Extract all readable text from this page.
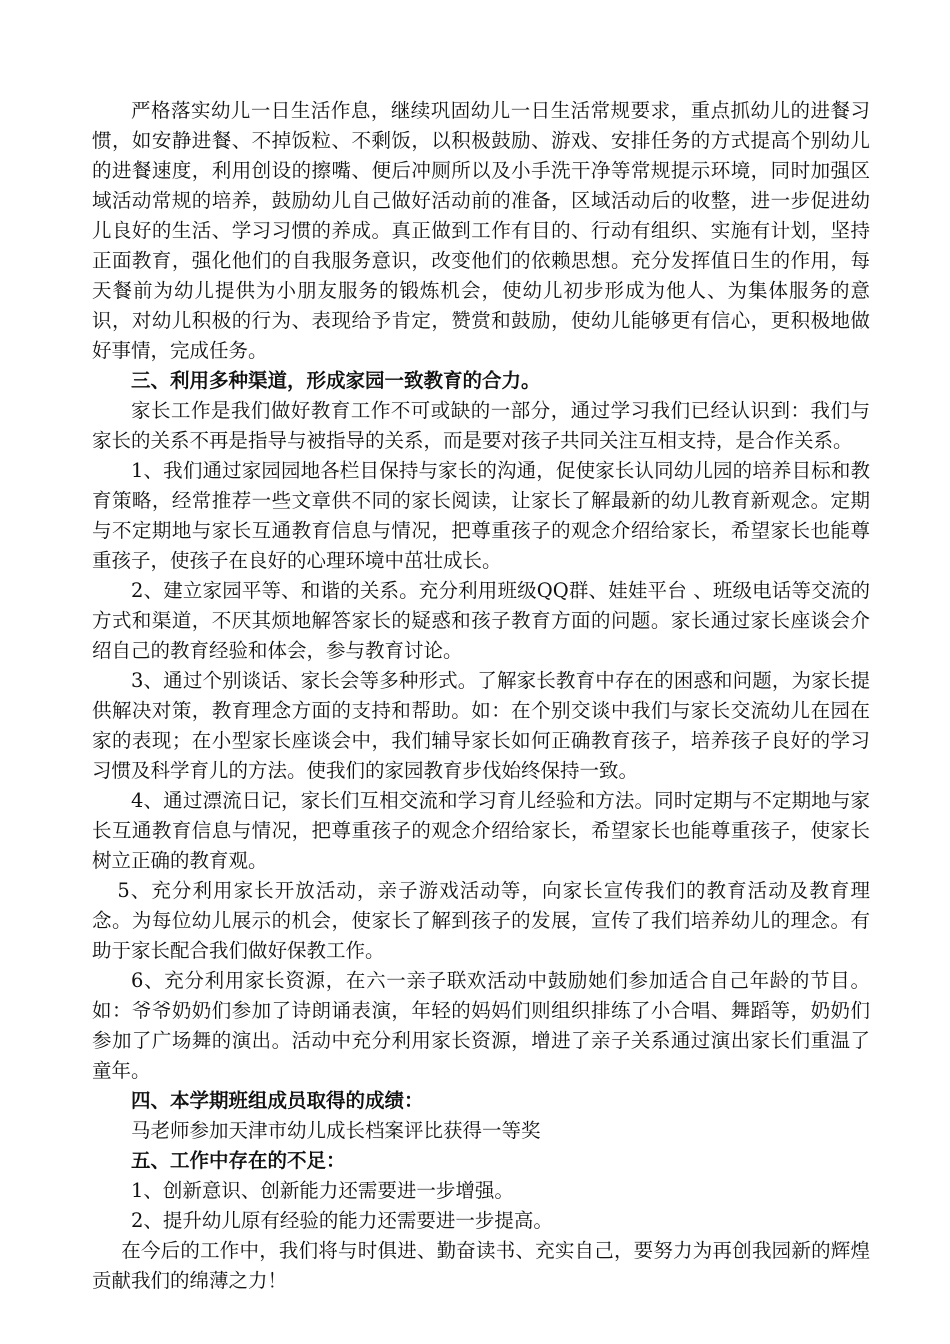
严格落实幼儿一日生活作息，继续巩固幼儿一日生活常规要求，重点抓幼儿的进餐习惯，如安静进餐、不掉饭粒、不剩饭，以积极鼓励、游戏、安排任务的方式提高个别幼儿的进餐速度，利用创设的擦嘴、便后冲厕所以及小手洗干净等常规提示环境，同时加强区域活动常规的培养，鼓励幼儿自己做好活动前的准备，区域活动后的收整，进一步促进幼儿良好的生活、学习习惯的养成。真正做到工作有目的、行动有组织、实施有计划，坚持正面教育，强化他们的自我服务意识，改变他们的依赖思想。充分发挥值日生的作用，每天餐前为幼儿提供为小朋友服务的锻炼机会，使幼儿初步形成为他人、为集体服务的意识，对幼儿积极的行为、表现给予肯定，赞赏和鼓励，使幼儿能够更有信心，更积极地做好事情，完成任务。

三、利用多种渠道，形成家园一致教育的合力。

家长工作是我们做好教育工作不可或缺的一部分，通过学习我们已经认识到：我们与家长的关系不再是指导与被指导的关系，而是要对孩子共同关注互相支持，是合作关系。

1、我们通过家园园地各栏目保持与家长的沟通，促使家长认同幼儿园的培养目标和教育策略，经常推荐一些文章供不同的家长阅读，让家长了解最新的幼儿教育新观念。定期与不定期地与家长互通教育信息与情况，把尊重孩子的观念介绍给家长，希望家长也能尊重孩子，使孩子在良好的心理环境中茁壮成长。

2、建立家园平等、和谐的关系。充分利用班级QQ群、娃娃平台 、班级电话等交流的方式和渠道，不厌其烦地解答家长的疑惑和孩子教育方面的问题。家长通过家长座谈会介绍自己的教育经验和体会，参与教育讨论。

3、通过个别谈话、家长会等多种形式。了解家长教育中存在的困惑和问题，为家长提供解决对策，教育理念方面的支持和帮助。如：在个别交谈中我们与家长交流幼儿在园在家的表现；在小型家长座谈会中，我们辅导家长如何正确教育孩子，培养孩子良好的学习习惯及科学育儿的方法。使我们的家园教育步伐始终保持一致。

4、通过漂流日记，家长们互相交流和学习育儿经验和方法。同时定期与不定期地与家长互通教育信息与情况，把尊重孩子的观念介绍给家长，希望家长也能尊重孩子，使家长树立正确的教育观。

5、充分利用家长开放活动，亲子游戏活动等，向家长宣传我们的教育活动及教育理念。为每位幼儿展示的机会，使家长了解到孩子的发展，宣传了我们培养幼儿的理念。有助于家长配合我们做好保教工作。

6、充分利用家长资源，在六一亲子联欢活动中鼓励她们参加适合自己年龄的节目。如：爷爷奶奶们参加了诗朗诵表演，年轻的妈妈们则组织排练了小合唱、舞蹈等，奶奶们参加了广场舞的演出。活动中充分利用家长资源，增进了亲子关系通过演出家长们重温了童年。

四、本学期班组成员取得的成绩：

马老师参加天津市幼儿成长档案评比获得一等奖

五、工作中存在的不足：

1、创新意识、创新能力还需要进一步增强。

2、提升幼儿原有经验的能力还需要进一步提高。

在今后的工作中，我们将与时俱进、勤奋读书、充实自己，要努力为再创我园新的辉煌贡献我们的绵薄之力！
